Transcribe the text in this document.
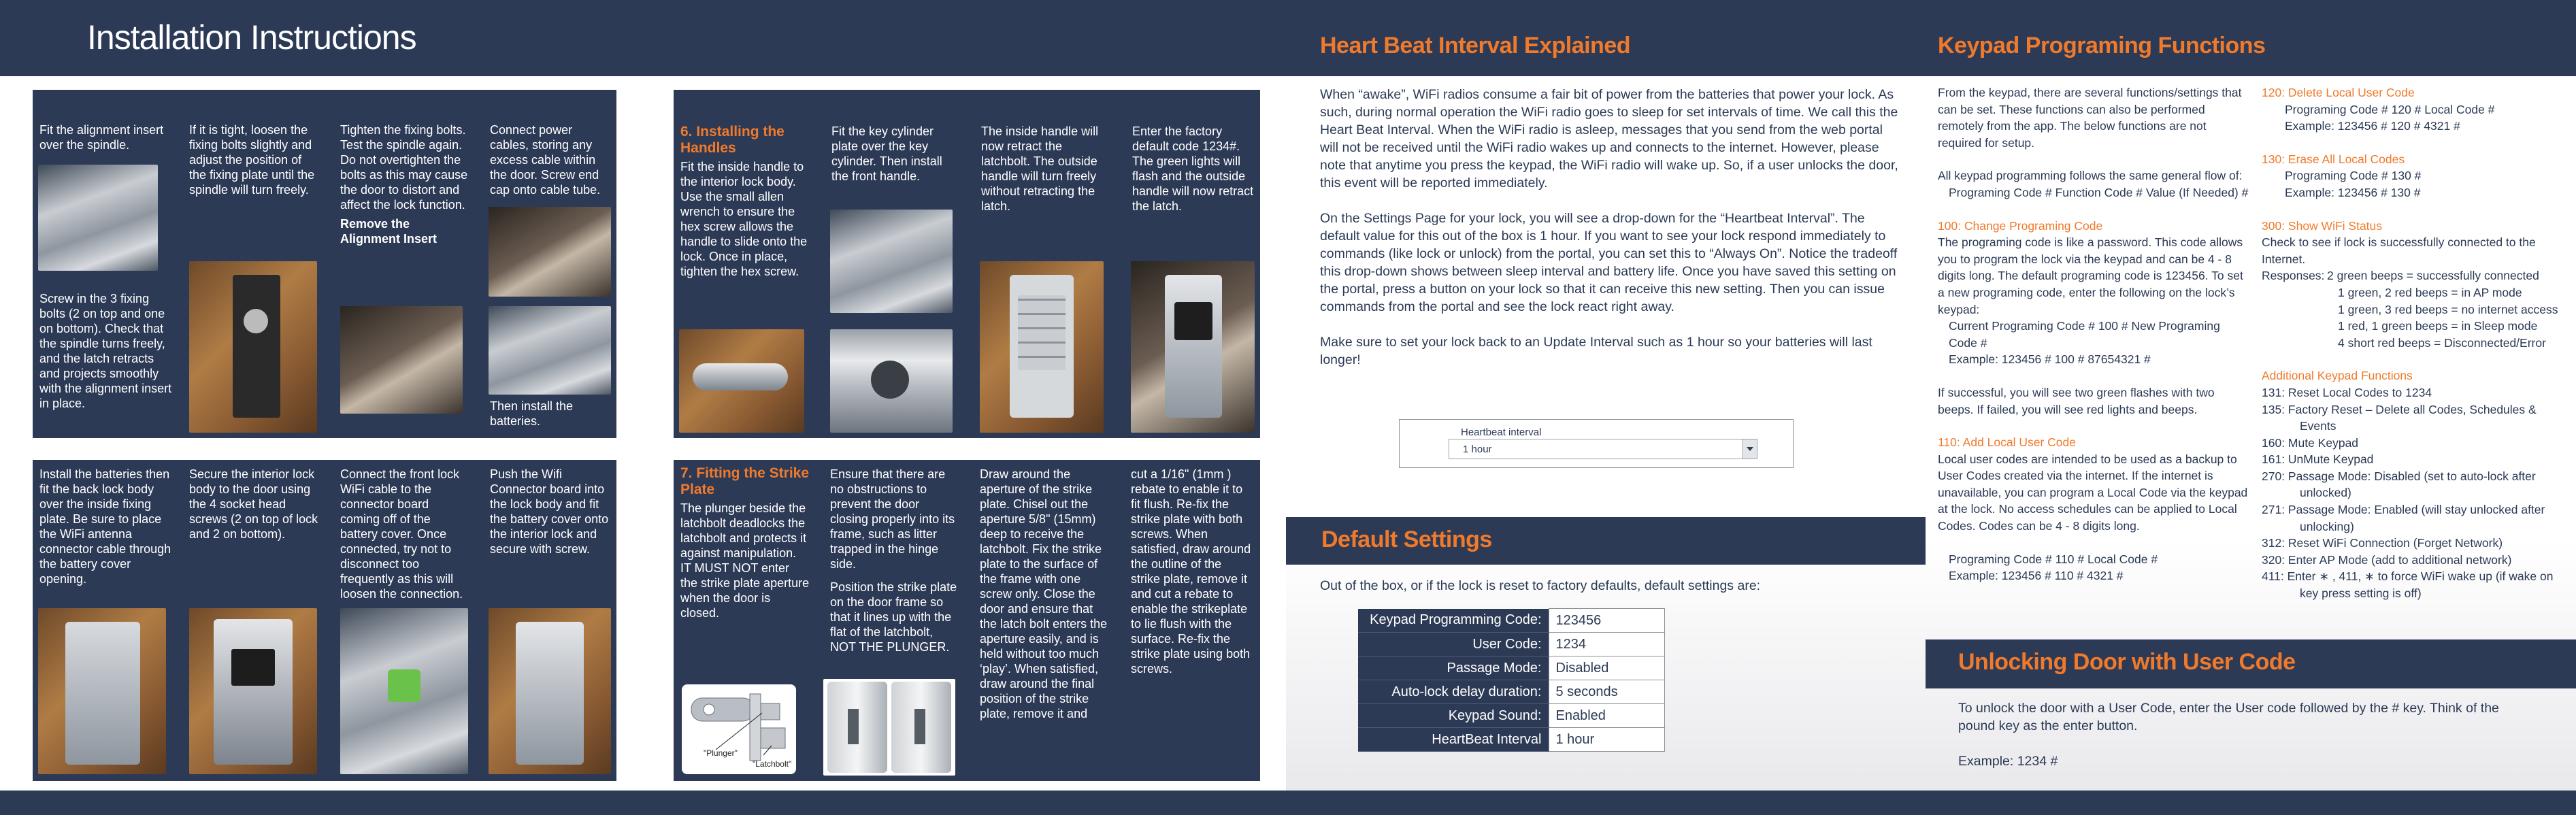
Installation Instructions

Fit the alignment insert over the spindle.

Screw in the 3 fixing bolts (2 on top and one on bottom). Check that the spindle turns freely, and the latch retracts and projects smoothly with the alignment insert in place.

If it is tight, loosen the fixing bolts slightly and adjust the position of the fixing plate until the spindle will turn freely.

Tighten the fixing bolts. Test the spindle again. Do not overtighten the bolts as this may cause the door to distort and affect the lock function.

Remove the Alignment Insert

Connect power cables, storing any excess cable within the door. Screw end cap onto cable tube.

Then install the batteries.

Install the batteries then fit the back lock body over the inside fixing plate. Be sure to place the WiFi antenna connector cable through the battery cover opening.

Secure the interior lock body to the door using the 4 socket head screws (2 on top of lock and 2 on bottom).

Connect the front lock WiFi cable to the connector board coming off of the battery cover. Once connected, try not to disconnect too frequently as this will loosen the connection.

Push the Wifi Connector board into the lock body and fit the battery cover onto the interior lock and secure with screw.

6. Installing the Handles

Fit the inside handle to the interior lock body. Use the small allen wrench to ensure the hex screw allows the handle to slide onto the lock. Once in place, tighten the hex screw.

Fit the key cylinder plate over the key cylinder. Then install the front handle.

The inside handle will now retract the latchbolt. The outside handle will turn freely without retracting the latch.

Enter the factory default code 1234#. The green lights will flash and the outside handle will now retract the latch.

7. Fitting the Strike Plate

The plunger beside the latchbolt deadlocks the latchbolt and protects it against manipulation.

IT MUST NOT enter the strike plate aperture when the door is closed.

"Plunger"
"Latchbolt"

Ensure that there are no obstructions to prevent the door closing properly into its frame, such as litter trapped in the hinge side.

Position the strike plate on the door frame so that it lines up with the flat of the latchbolt, NOT THE PLUNGER.

Draw around the aperture of the strike plate. Chisel out the aperture 5/8" (15mm) deep to receive the latchbolt. Fix the strike plate to the surface of the frame with one screw only. Close the door and ensure that the latch bolt enters the aperture easily, and is held without too much ‘play’. When satisfied, draw around the final position of the strike plate, remove it and

cut a 1/16" (1mm ) rebate to enable it to fit flush. Re-fix the strike plate with both screws. When satisfied, draw around the outline of the strike plate, remove it and cut a rebate to enable the strikeplate to lie flush with the surface. Re-fix the strike plate using both screws.

Heart Beat Interval Explained

When “awake”, WiFi radios consume a fair bit of power from the batteries that power your lock. As such, during normal operation the WiFi radio goes to sleep for set intervals of time. We call this the Heart Beat Interval. When the WiFi radio is asleep, messages that you send from the web portal will not be received until the WiFi radio wakes up and connects to the internet. However, please note that anytime you press the keypad, the WiFi radio will wake up. So, if a user unlocks the door, this event will be reported immediately.

On the Settings Page for your lock, you will see a drop-down for the “Heartbeat Interval”. The default value for this out of the box is 1 hour. If you want to see your lock respond immediately to commands (like lock or unlock) from the portal, you can set this to “Always On”. Notice the tradeoff this drop-down shows between sleep interval and battery life. Once you have saved this setting on the portal, press a button on your lock so that it can receive this new setting. Then you can issue commands from the portal and see the lock react right away.

Make sure to set your lock back to an Update Interval such as 1 hour so your batteries will last longer!

Heartbeat interval
1 hour
Default Settings
Out of the box, or if the lock is reset to factory defaults, default settings are:
Keypad Programming Code:	123456
User Code:	1234
Passage Mode:	Disabled
Auto-lock delay duration:	5 seconds
Keypad Sound:	Enabled
HeartBeat Interval	1 hour
Keypad Programing Functions
From the keypad, there are several functions/settings that can be set. These functions can also be performed remotely from the app. The below functions are not required for setup.
All keypad programming follows the same general flow of:
Programing Code # Function Code # Value (If Needed) #
100: Change Programing Code
The programing code is like a password. This code allows you to program the lock via the keypad and can be 4 - 8 digits long. The default programing code is 123456. To set a new programing code, enter the following on the lock’s keypad:
Current Programing Code # 100 # New Programing Code #
Example: 123456 # 100 # 87654321 #
If successful, you will see two green flashes with two beeps. If failed, you will see red lights and beeps.
110: Add Local User Code
Local user codes are intended to be used as a backup to User Codes created via the internet. If the internet is unavailable, you can program a Local Code via the keypad at the lock. No access schedules can be applied to Local Codes. Codes can be 4 - 8 digits long.
Programing Code # 110 # Local Code #
Example: 123456 # 110 # 4321 #
120: Delete Local User Code
Programing Code # 120 # Local Code #
Example: 123456 # 120 # 4321 #
130: Erase All Local Codes
Programing Code # 130 #
Example: 123456 # 130 #
300: Show WiFi Status
Check to see if lock is successfully connected to the Internet.
Responses: 2 green beeps = successfully connected
1 green, 2 red beeps = in AP mode
1 green, 3 red beeps = no internet access
1 red, 1 green beeps = in Sleep mode
4 short red beeps = Disconnected/Error
Additional Keypad Functions
131: Reset Local Codes to 1234
135: Factory Reset – Delete all Codes, Schedules & Events
160: Mute Keypad
161: UnMute Keypad
270: Passage Mode: Disabled (set to auto-lock after unlocked)
271: Passage Mode: Enabled (will stay unlocked after unlocking)
312: Reset WiFi Connection (Forget Network)
320: Enter AP Mode (add to additional network)
411: Enter ∗ , 411, ∗ to force WiFi wake up (if wake on key press setting is off)
Unlocking Door with User Code

To unlock the door with a User Code, enter the User code followed by the # key. Think of the pound key as the enter button.

Example: 1234 #
